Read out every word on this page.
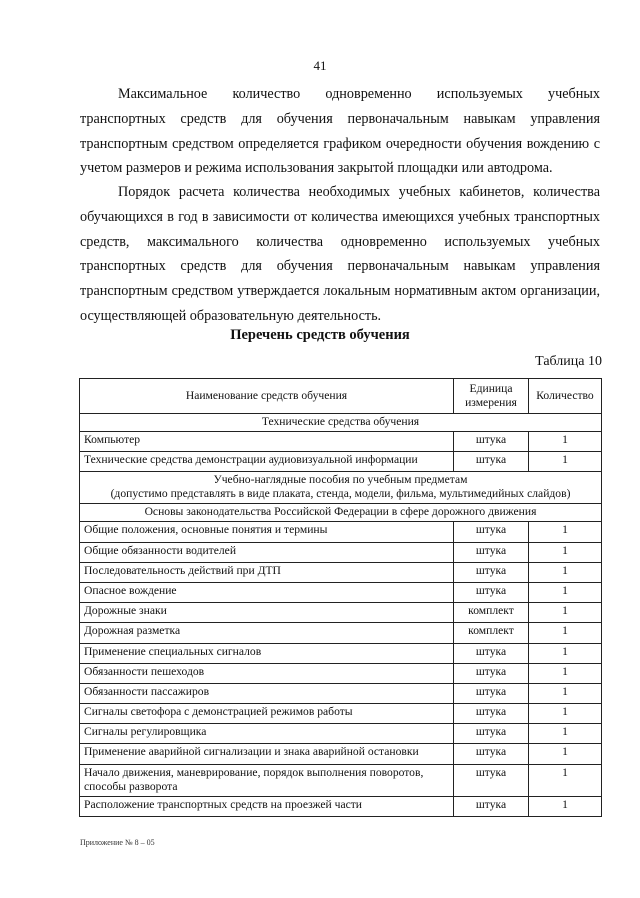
41

Максимальное количество одновременно используемых учебных транспортных средств для обучения первоначальным навыкам управления транспортным средством определяется графиком очередности обучения вождению с учетом размеров и режима использования закрытой площадки или автодрома.

Порядок расчета количества необходимых учебных кабинетов, количества обучающихся в год в зависимости от количества имеющихся учебных транспортных средств, максимального количества одновременно используемых учебных транспортных средств для обучения первоначальным навыкам управления транспортным средством утверждается локальным нормативным актом организации, осуществляющей образовательную деятельность.

Перечень средств обучения
Таблица 10
Наименование средств обучения	Единица измерения	Количество

Технические средства обучения		

Компьютер	штука	1
Технические средства демонстрации аудиовизуальной информации	штука	1

Учебно-наглядные пособия по учебным предметам
(допустимо представлять в виде плаката, стенда, модели, фильма, мультимедийных слайдов)		

Основы законодательства Российской Федерации в сфере дорожного движения		

Общие положения, основные понятия и термины	штука	1
Общие обязанности водителей	штука	1
Последовательность действий при ДТП	штука	1
Опасное вождение	штука	1
Дорожные знаки	комплект	1
Дорожная разметка	комплект	1
Применение специальных сигналов	штука	1
Обязанности пешеходов	штука	1
Обязанности пассажиров	штука	1
Сигналы светофора с демонстрацией режимов работы	штука	1
Сигналы регулировщика	штука	1
Применение аварийной сигнализации и знака аварийной остановки	штука	1
Начало движения, маневрирование, порядок выполнения поворотов, способы разворота	штука	1
Расположение транспортных средств на проезжей части	штука	1
Приложение № 8 – 05
